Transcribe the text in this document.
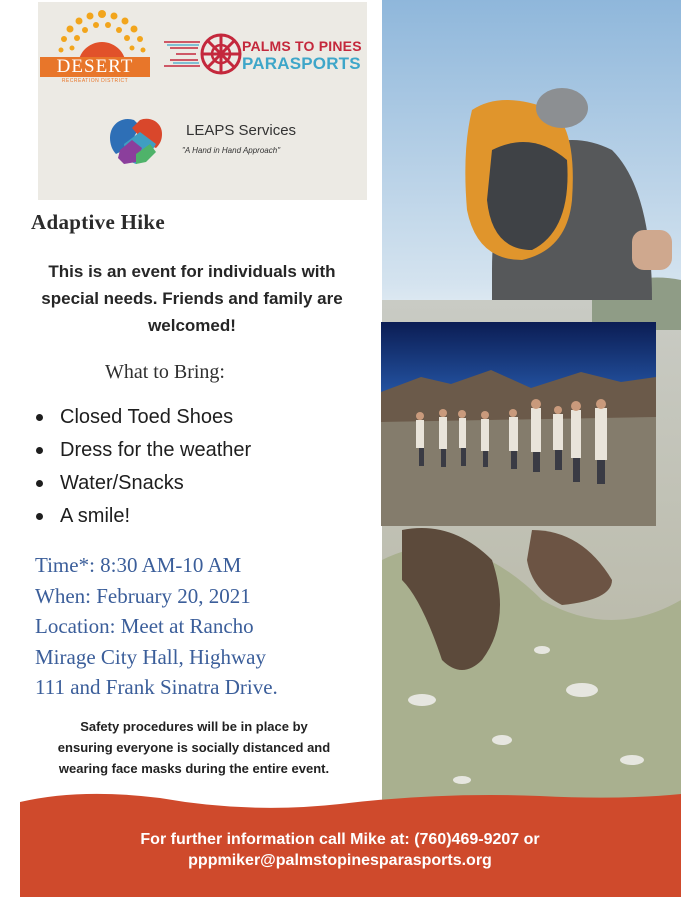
DESERT
RECREATION DISTRICT
PALMS TO PINES
PARASPORTS
LEAPS Services
"A Hand in Hand Approach"
Adaptive Hike
This is an event for individuals with special needs. Friends and family are welcomed!
What to Bring:
Closed Toed Shoes
Dress for the weather
Water/Snacks
A smile!
Time*: 8:30 AM-10 AM
When: February 20, 2021
Location: Meet at Rancho
Mirage City Hall, Highway
111 and Frank Sinatra Drive.
Safety procedures will be in place by
ensuring everyone is socially distanced and
wearing face masks during the entire event.
For further information call Mike at: (760)469-9207 or
pppmiker@palmstopinesparasports.org
